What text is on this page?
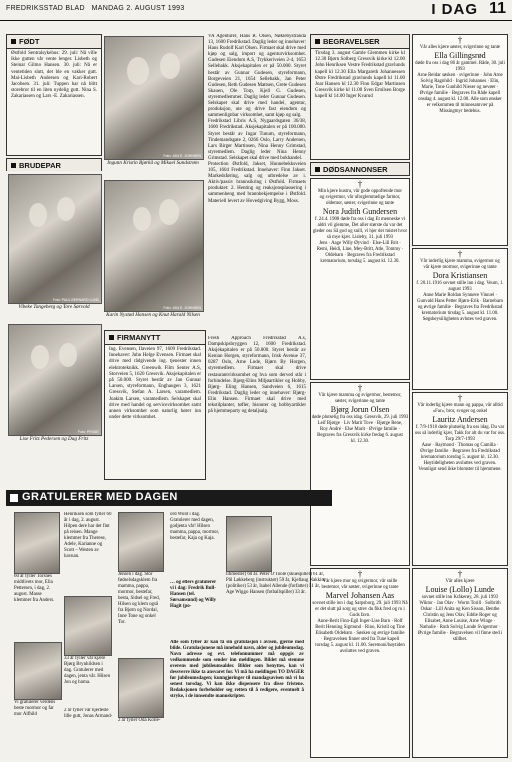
FREDRIKSSTAD BLAD MANDAG 2. AUGUST 1993	I DAG 11
FØDT
Østfold Sentralsykehus: 29. juli: Nå ville ikke gutten vår vente lenger. Lisbeth og Steinar Gilmo Hansen. 30. juli: Nå er ventetiden slutt, det ble en vakker gutt. Mai-Lisbeth Andersen og Kari-Robert Jacobsen. 31. juli: Tuppen har nå blitt storebror til en liten nydelig gutt. Nina S. Zakariassen og Lars -E. Zakariassen.
BRUDEPAR
Foto: JAN E. JOHNSEN
Ingunn Kristin Bjørkå og Mikael Sundstrøm
Foto: PAUL BERNARD LUND
Vibeke Tangeberg og Tore Sørvold	Foto: JAN E. JOHNSEN
Karin Nystød Hansen og Knut Harald Nilsen
Foto: PRIVAT
Lise Fritz Pedersen og Dag Fritz
FIRMANYTT
Ing. Evensen, Ilaveien 97, 1609 Fredrikstad. Innehaver: Juhn Helge Evensen. Firmaet skal drive med rådgivende ing. tjenester innen elektroteknikk. Greenwik Film Senter A.S, Storveien 5, 1620 Gressvik. Aksjekapitalen er på 50.000. Styret består av Jan Gunnar Larsen, styreformann, Enghaugen 3, 1621 Gressvik, Stefan A. Larsen, varamedlem. Joakim Larsen, varamedlem. Selskapet skal drive med handel og servicevirksomhet samt annen virksomhet som naturlig hører inn under dette virksomhet.
VA Agenturer, Hans R. Olsen, Nøklebystranda 13, 1600 Fredrikstad. Daglig leder og innehaver: Hans Rudolf Karl Olsen. Firmaet skal drive med kjøp og salg, import og agenturvirksomhet. Gudesen Eiendom A.S, Trykkeriveien 2-4, 1653 Sellebakk. Aksjekapitalen er på 50.000. Styret består av Gunnar Gudesen, styreformann, Borgeveien 21, 1654 Sellebakk, Jan Peter Gudesen, Beth Gudesen Mattsen, Grete Gudesen Skauen, Ole Torp, Kjell G. Gudesen, styremedlemmer. Daglig leder Gunnar Gudesen. Selskapet skal drive med handel, agentur, produksjon, ute og drive fast eiendom og sammenlignbar virksomhet, samt kjøp og salg.
Fredrikstad Libris A.S, Nygaardsgaten 36/38, 1600 Fredrikstad. Aksjekapitalen er på 100.000. Styret består av Ingar Tunum, styreformann, Tindemandsgate 2, 0266 Oslo, Larry Andersen, Lars Birger Martinsen, Nina Henny Grimstad, styremedlem. Daglig leder Nina Henny Grimstad. Selskapet skal drive med bokhandel.
Protection Østfold, Jakset, Hunnebekksveien 105, 1604 Fredrikstad. Innehaver: Finn Jakset. Markedsføring, salg og utbredelse av i. Aktiv/passiv brannsikring i Østfold. Firmaets produktet: 2. Henting og reaksjonsplassering i sammenheng med brannbekjempelse i Østfold. Materiell levert av Hovedgiving Bygg, Moss.
Fresh Approach Fredrikstad A.s, Dampskipsbryggen 12, 1600 Fredrikstad. Aksjekapitalen er på 50.000. Styret består av Kenian Horgen, styreformann, Irisk Avenue 37, 0287 Oslo, Arne Lode, Bjørn By Horgen, styremedlem. Firmaet skal drive restaurantvirksomhet og hva som derved står i forbindelse. Bjørg-Elins Miljøartikler og Hobby, Bjørg- Eling Hansen, Sandveien 6, 1615 Fredrikstad. Daglig leder og innehaver: Bjørg-Elin Hansen. Firmaet skal drive med tekstilplanter, tøfler, bisnuter og hobbyartikler på hjemmeparty og detaljsalg.
BEGRAVELSER
Tirsdag 3. august Gamle Glemmen kirke kl 12.30 Bjørn Solberg Gressvik kirke kl 12.00 John Henriksen Vestre Fredrikstad gravlunds kapell kl 12.30 Ella Margareth Johannessen Østre Fredrikstad gravlunds kapell kl 11.00 Joar Hansen kl 12.30 Finn Edgar Martinsen Gressvik kirke kl 11.00 Sven Emilsen Borge kapell kl 14.00 Inger Kvarud
DØDSANNONSER
†
Min kjære hustru, vår gode oppofrende mor og svigermor, vår uforglemmelige farmor, oldemor, søster, svigerinne og tante
Nora Judith Gundersen
f. 24.4. 1908 døde fra oss i dag Et menneske vi aldri vil glemme, Det aller største du var det gleder oss Så god og snill, vi hjer der mistet hvor så mye kjær. Lisleby, 31. juli 1993
Jens · Aage Willy Øyvind · Else-Lill Brit · Remi, Heidi, Line, Mey-Britt, Atle, Tommy · Oldebarn · Begraves fra Fredrikstad krematorium, torsdag 5. august kl. 12.30.
†
Vår kjære mamma og svigermor, bestemor, søster, svigerinne og tante
Bjørg Jorun Olsen
døde plutselig fra oss idag. Gressvik, 29. juli 1993
Leif Bjørge · Liv Marit Tove · Bjørge Rene, Roy André · Else Marit · Øvrige familie · Begraves fra Gressvik kirke fredag 6. august kl. 12.30.
†
Vår kjære mor og svigermor, vår snille bestemor, vår søster, svigerinne og tante
Marvel Johansen Aas
sovnet stille inn i dag Sarpsborg, 29. juli 1993 Nå er det slutt på sorg og strev du fikk fred og ro i Guds favn.
Anne-Berit Finn-Egil Inger-Lise Barn · Rolf Berit Henning Sigmund · Rino, Kristil og Tine Elisabeth Oldebarn · Søsken og øvrige familie · Begravelsen finner sted fra Tune kapell torsdag 5. august kl. 11.00. Seremoni/høytiden avsluttes ved graven.
†
Vår alles kjære søster, svigerinne og tante
Ella Gillingsrød
døde fra oss i dag 86 år gammel. Råde, 30. juli 1993
Arne Reidar søsken · svigerinne · John Arne Solvig Ragnhild · Ingrid Johannes · Elin, Marie, Tone Gunhild Nieser og nevøer · Øvrige familie · Begraves fra Råde kapell onsdag 4. august kl. 12.00. Alle som ønsker er velkommen til minnesamvær på Missingmyr bedehus.
†
Vår inderlig kjære mamma, svigermor og vår kjære mormor, svigerinne og tante
Dora Kristiansen
f. 20.11.1916 sovnet stille inn i dag. Veum, 1. august 1993
Anne Marie Roldan Synnøve Vinnæl · Gunvald Hans Petter Bjørn-Erik · Barnebarn og øvrige familie · Begraves fra Fredrikstad krematorium tirsdag 5. august kl. 11.00. Søgsheysiiligheten avlutes ved graven.
†
Vår inderlig kjære mann og pappa, vår alltid «Far», bror, svoger og onkel
Lauritz Andersen
f. 7/9-1918 døde plutselig fra oss idag. Du var oss så inderlig kjær, Takk for alt du var for oss. Torp 29/7-1993
Aase · Raymond · Thomas og Camilla · Øvrige familie · Begraves fra Fredrikstad krematorium torsdag 5. august kl. 12.30. Høytideligheten avsluttes ved graven. Vennligst send ikke blomster til hjemmene.
†
Vår alles kjære
Louise (Lollo) Lunde
sovnet stille inn Kråkerøy, 28. juli 1993
Wiktor · Jan Olav · Worm Torill · Solbrith Oskar · Lill Anita og Ken Sisson, Benthe Christin og Jens Olav, Eddie Roger og Elisabet, Anne Louise, Arne Winge · Nathalie · Ruth Solvig Lunde Svigermor · Øvrige familie · Begravelsen vil finne sted i stillhet.
GRATULERER MED DAGEN
60 år fyller Torsnes midtlivets mor, Ella Pettersen, i dag, 2. august. Masse klemmer fra Anders.
Henriksen som fyller 60 år i dag, 2. august. Hilpen dere har det fint på reisen. Mange klemmer fra Therese, Adele, Karianne og Scott – Westen av havnan.
33 år fyller vår kjære Bjørg Brynhildsen i dag. Gratulerer med dagen, jenta vår. Hilsen Jon og barna.
Vi gratulerer verdens beste mormor og far mor Alfhild
2 år fyller vår hjerteste lille gutt, Jonas Armand-
Jensen i dag. Stor fødselsdagsklem fra mamma, pappa, mormor, bestefar, besta, Sidsel og Fred, Hilsen og klem også fra Bjørn og Nordal, Inne Tone og onkel Tor.
2 år fyller Oda Kolle-
ord Wold i dag. Gratulerer med dagen, godjenta vår! Hilsen mamma, pappa, mormor, bestefar, Kaja og Kaja.
… og eflers gratulerer vi i dag: Fredrik Bull-Hansen (tel. Sørsamsund) og Willy Hagit (po-
litimester) 60 år. Peter O'Toole (skuespiller) 61 år, Pål Løkkeberg (instruktør) 59 år, Kjellaug Nakkim (politiker) 53 år, Isabel Allende (forfatter) 51 år, Age Wiggo Hansen (fotballspiller) 33 år.
Alle som fyller år kan få sin gratulasjon i avisen, gjerne med bilde. Gratulasjonene må innehold navn, alder og jubileumsdag. Navn adresse og evt. telefonnummer må oppgis av vedkommende som sender inn meldingen. Bildet må stemme overens med jubileumsalder. Bilder som benyttes, kan vi dessverre ikke ta ansvaret for. Vi må ha meldingen TO DAGER før jubileumsdagen; kunngjøringer til mandagsavisen må vi ha senest torsdag. Vi kan ikke dispensere fra disse fristene. Redaksjonen forbeholder seg retten til å redigere, eventuelt å stryke, i de innsendte manuskripter.
